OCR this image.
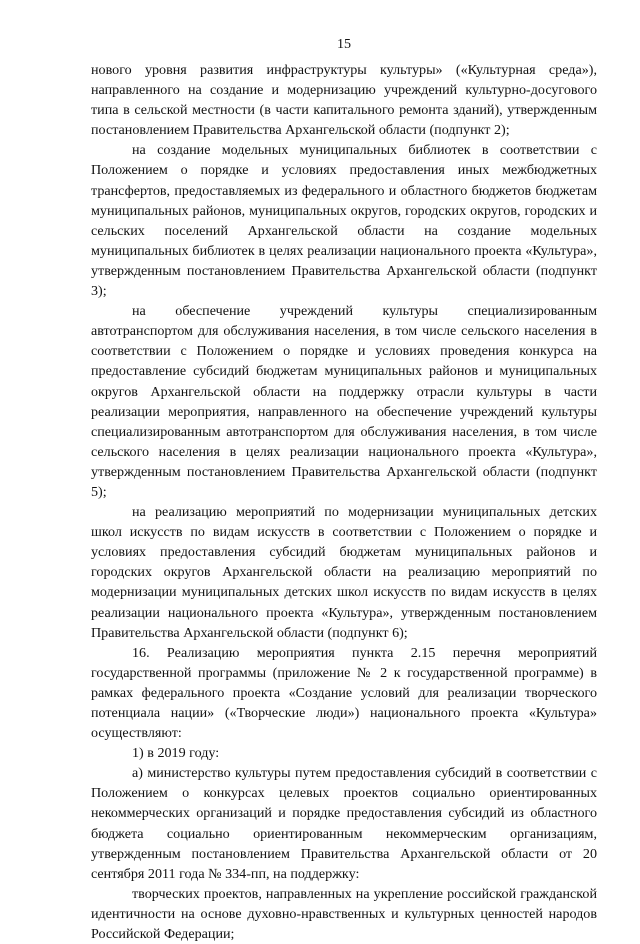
15

нового уровня развития инфраструктуры культуры» («Культурная среда»), направленного на создание и модернизацию учреждений культурно-досугового типа в сельской местности (в части капитального ремонта зданий), утвержденным постановлением Правительства Архангельской области (подпункт 2);

на создание модельных муниципальных библиотек в соответствии с Положением о порядке и условиях предоставления иных межбюджетных трансфертов, предоставляемых из федерального и областного бюджетов бюджетам муниципальных районов, муниципальных округов, городских округов, городских и сельских поселений Архангельской области на создание модельных муниципальных библиотек в целях реализации национального проекта «Культура», утвержденным постановлением Правительства Архангельской области (подпункт 3);

на обеспечение учреждений культуры специализированным автотранспортом для обслуживания населения, в том числе сельского населения в соответствии с Положением о порядке и условиях проведения конкурса на предоставление субсидий бюджетам муниципальных районов и муниципальных округов Архангельской области на поддержку отрасли культуры в части реализации мероприятия, направленного на обеспечение учреждений культуры специализированным автотранспортом для обслуживания населения, в том числе сельского населения в целях реализации национального проекта «Культура», утвержденным постановлением Правительства Архангельской области (подпункт 5);

на реализацию мероприятий по модернизации муниципальных детских школ искусств по видам искусств в соответствии с Положением о порядке и условиях предоставления субсидий бюджетам муниципальных районов и городских округов Архангельской области на реализацию мероприятий по модернизации муниципальных детских школ искусств по видам искусств в целях реализации национального проекта «Культура», утвержденным постановлением Правительства Архангельской области (подпункт 6);

16. Реализацию мероприятия пункта 2.15 перечня мероприятий государственной программы (приложение № 2 к государственной программе) в рамках федерального проекта «Создание условий для реализации творческого потенциала нации» («Творческие люди») национального проекта «Культура» осуществляют:

1) в 2019 году:

а) министерство культуры путем предоставления субсидий в соответствии с Положением о конкурсах целевых проектов социально ориентированных некоммерческих организаций и порядке предоставления субсидий из областного бюджета социально ориентированным некоммерческим организациям, утвержденным постановлением Правительства Архангельской области от 20 сентября 2011 года № 334-пп, на поддержку:

творческих проектов, направленных на укрепление российской гражданской идентичности на основе духовно-нравственных и культурных ценностей народов Российской Федерации;
